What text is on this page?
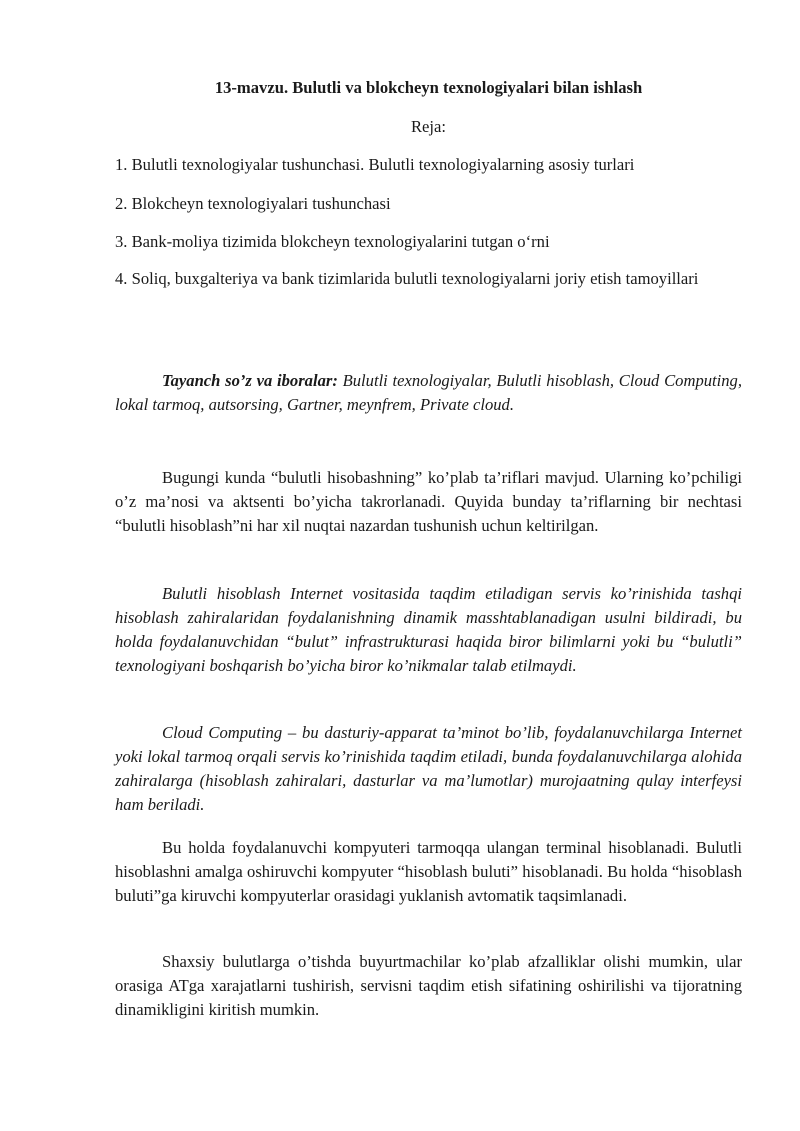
13-mavzu. Bulutli va blokcheyn texnologiyalari bilan ishlash

Reja:

1. Bulutli texnologiyalar tushunchasi. Bulutli texnologiyalarning asosiy turlari

2. Blokcheyn texnologiyalari tushunchasi

3. Bank-moliya tizimida blokcheyn texnologiyalarini tutgan o‘rni

4. Soliq, buxgalteriya va bank tizimlarida bulutli texnologiyalarni joriy etish tamoyillari

Tayanch so’z va iboralar: Bulutli texnologiyalar, Bulutli hisoblash, Cloud Computing, lokal tarmoq, autsorsing, Gartner, meynfrem, Private cloud.

Bugungi kunda “bulutli hisobashning” ko’plab ta’riflari mavjud. Ularning ko’pchiligi o’z ma’nosi va aktsenti bo’yicha takrorlanadi. Quyida bunday ta’riflarning bir nechtasi “bulutli hisoblash”ni har xil nuqtai nazardan tushunish uchun keltirilgan.

Bulutli hisoblash Internet vositasida taqdim etiladigan servis ko’rinishida tashqi hisoblash zahiralaridan foydalanishning dinamik masshtablanadigan usulni bildiradi, bu holda foydalanuvchidan “bulut” infrastrukturasi haqida biror bilimlarni yoki bu “bulutli” texnologiyani boshqarish bo’yicha biror ko’nikmalar talab etilmaydi.

Cloud Computing – bu dasturiy-apparat ta’minot bo’lib, foydalanuvchilarga Internet yoki lokal tarmoq orqali servis ko’rinishida taqdim etiladi, bunda foydalanuvchilarga alohida zahiralarga (hisoblash zahiralari, dasturlar va ma’lumotlar) murojaatning qulay interfeysi ham beriladi.

Bu holda foydalanuvchi kompyuteri tarmoqqa ulangan terminal hisoblanadi. Bulutli hisoblashni amalga oshiruvchi kompyuter “hisoblash buluti” hisoblanadi. Bu holda “hisoblash buluti”ga kiruvchi kompyuterlar orasidagi yuklanish avtomatik taqsimlanadi.

Shaxsiy bulutlarga o’tishda buyurtmachilar ko’plab afzalliklar olishi mumkin, ular orasiga ATga xarajatlarni tushirish, servisni taqdim etish sifatining oshirilishi va tijoratning dinamikligini kiritish mumkin.
